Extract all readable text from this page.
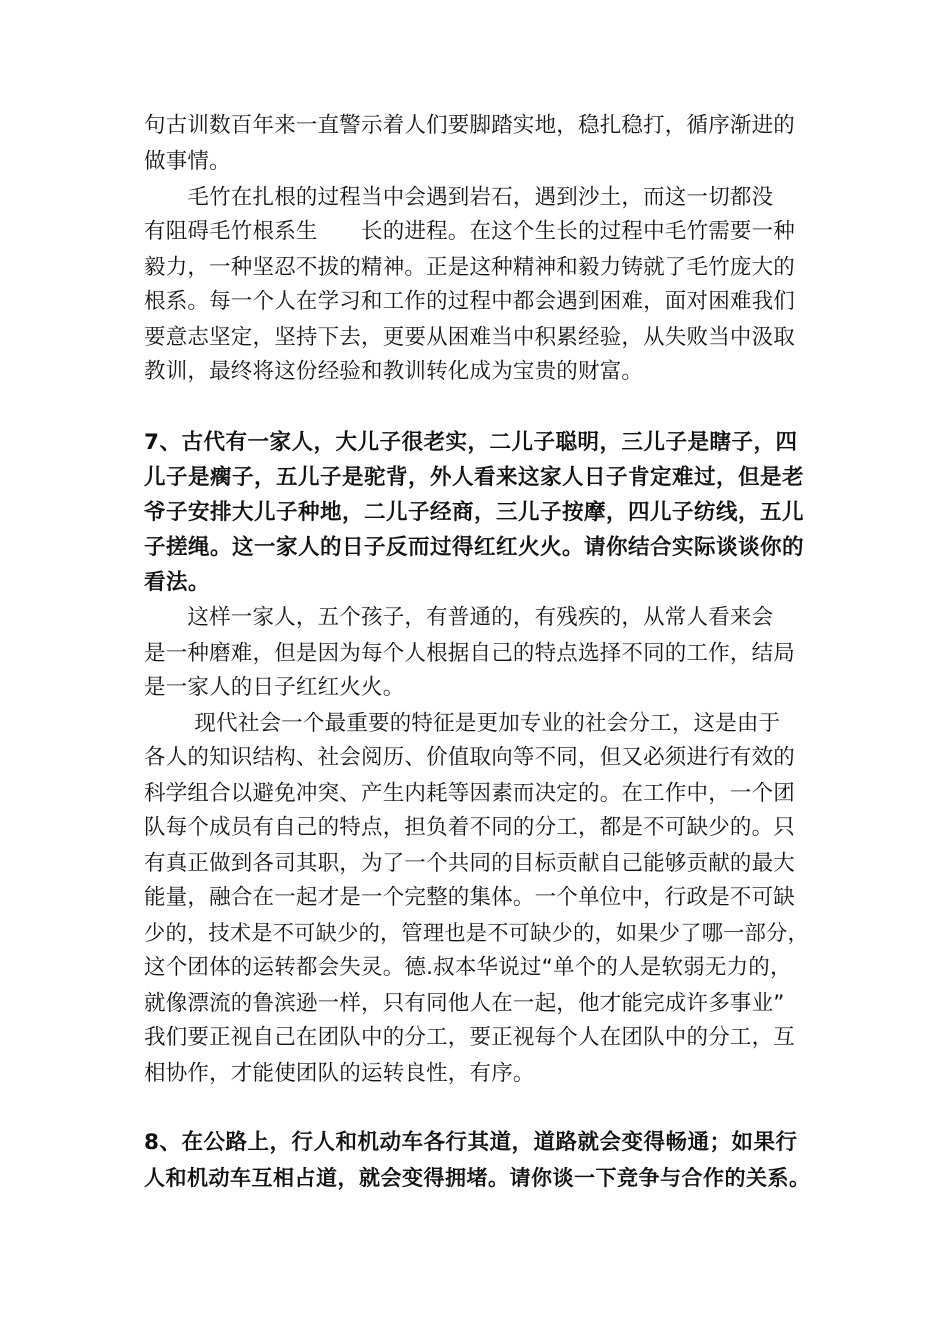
句古训数百年来一直警示着人们要脚踏实地，稳扎稳打，循序渐进的
做事情。
　　毛竹在扎根的过程当中会遇到岩石，遇到沙土，而这一切都没
有阻碍毛竹根系生　　长的进程。在这个生长的过程中毛竹需要一种
毅力，一种坚忍不拔的精神。正是这种精神和毅力铸就了毛竹庞大的
根系。每一个人在学习和工作的过程中都会遇到困难，面对困难我们
要意志坚定，坚持下去，更要从困难当中积累经验，从失败当中汲取
教训，最终将这份经验和教训转化成为宝贵的财富。
7、古代有一家人，大儿子很老实，二儿子聪明，三儿子是瞎子，四
儿子是瘸子，五儿子是驼背，外人看来这家人日子肯定难过，但是老
爷子安排大儿子种地，二儿子经商，三儿子按摩，四儿子纺线，五儿
子搓绳。这一家人的日子反而过得红红火火。请你结合实际谈谈你的
看法。
　　这样一家人，五个孩子，有普通的，有残疾的，从常人看来会
是一种磨难，但是因为每个人根据自己的特点选择不同的工作，结局
是一家人的日子红红火火。
　　 现代社会一个最重要的特征是更加专业的社会分工，这是由于
各人的知识结构、社会阅历、价值取向等不同，但又必须进行有效的
科学组合以避免冲突、产生内耗等因素而决定的。在工作中，一个团
队每个成员有自己的特点，担负着不同的分工，都是不可缺少的。只
有真正做到各司其职，为了一个共同的目标贡献自己能够贡献的最大
能量，融合在一起才是一个完整的集体。一个单位中，行政是不可缺
少的，技术是不可缺少的，管理也是不可缺少的，如果少了哪一部分，
这个团体的运转都会失灵。德.叔本华说过“单个的人是软弱无力的，
就像漂流的鲁滨逊一样，只有同他人在一起，他才能完成许多事业”
我们要正视自己在团队中的分工，要正视每个人在团队中的分工，互
相协作，才能使团队的运转良性，有序。
8、在公路上，行人和机动车各行其道，道路就会变得畅通；如果行
人和机动车互相占道，就会变得拥堵。请你谈一下竞争与合作的关系。
